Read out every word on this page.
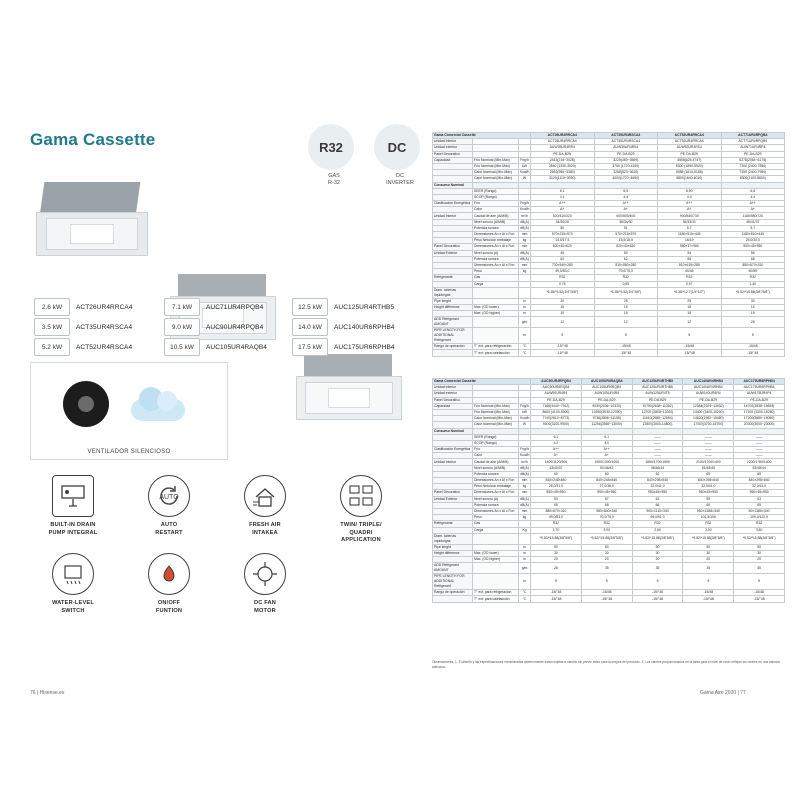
Gama Cassette	R32
GAS
R-32
DC
DC
INVERTER
2.6 kW	ACT26UR4RRCA4
3.5 kW	ACT35UR4RSCA4
5.2 kW	ACT52UR4RSCA4
7.1 kW	AUC71UR4RPQB4
9.0 kW	AUC90UR4RPQB4
10.5 kW	AUC105UR4RAQB4
12.5 kW	AUC125UR4RTHB5
14.0 kW	AUC140UR6RPHB4
17.5 kW	AUC175UR6RPHB4
VENTILADOR SILENCIOSO
BUILT-IN DRAIN
PUMP INTEGRAL
AUTO
AUTO
RESTART
FRESH AIR
INTAKEA
TWIN/ TRIPLE/
QUADRI
APPLICATION
WATER-LEVEL
SWITCH
ON/OFF
FUNTION
DC FAN
MOTOR
Gama Comercial Cassette			ACT26UR4RRCA4	ACT35UR4RSCA4	ACT52UR4RRCA4	ACT71UR4RPQB4
Unidad interior			ACT26UR4RRCA4	ACT35UR4RSCA4	ACT52UR4RRCA4	ACT71UR4RPQB4
Unidad exterior			AUW35UR4RR4	AUW35UR4RS4	AUW52UR4RS4	AUW71UR4RP4
Panel Decorativo			PE-DA-B2N	PE-DA-B29	PE-DA-B29	PE-DA-B29
Capacidad	Frío Nominal (Mín-Máx)	Frig/h	2443(744~3028)	3225(480~3569)	4558(625-4747)	6278(2064~6175)
	Frío Nominal (Mín-Máx)	kW	2840 (1330-3520)	3750 (1720-4150)	5300 (1890-5520)	7300 (2400-7850)
	Calor Nominal (Mín-Máx)	Kcal/h	2692(955~3380)	3268(523~3610)	4988 (1610-5168)	7390 (2400-7950)
	Calor Nominal (Mín-Máx)	W	3120(1110~3930)	4000(1770~4650)	5800(1640-6010)	8300(2100-8800)
Consumo Nominal						
	SEER (Rango)		6,1	6,9	6,90	6,6
	SCOP (Rango)		4,1	4,4	4,4	4,4
Clasificación Energética	Frío	Frig/h	A++	A++	A++	A++
	Calor	Kcal/h	A+	A+	A+	A+
Unidad Interior	Caudal de aire (A/M/B)	m³/h	520/410/320	600/500/400	900/840/730	1180/980/720
	Nivel sonoro (A/M/B)	dB(A)	34/30/26	38/34/30	35/33/31	45/41/37
	Potencia sonora	dB(A)	50	51	5,7	5,7
	Dimensiones An x Al x Fon	mm	570×215×570	570×215×570	1180×510×445	1180×510×445
	Peso Neto/con embalaje	kg	14,5/17,5	15,5/18,5	16/19	25,0/30,0
Panel Decorativo	Dimensiones An x Al x Fon	mm	620×40×620	620×40×620	950×37×950	950×45×950
Unidad Exterior	Nivel sonoro (A)	dB(A)	48	50	54	56
	Potencia sonora	dB(A)	60	62	65	68
	Dimensiones An x Al x Fon	mm	730×540×280	810×580×280	810×615×280	880×670×310
	Peso	kg	49,0/53,0	70,0/75,0	40/45	50/55
Refrigerante	Gas		R32	R32	R32	R32
	Carga		0,75	0,85	0,97	1,40
Diam. tuberías líquido/gas			*6.35/*9.52(1/4"/3/8")	*6.35/*9.52(1/4"3/8")	*6.35/*12.7(1/4"1/2")	*9.52/*15.88(3/8"/5/8")
Pipe lenght		m	20	25	25	30
Height difference	Max. (OD lower)	m	15	15	15	15
	Max. (OD higher)	m	10	15	15	15
ADD Refrigerant AMOUNT		g/m	12	12	12	28
PIPE LENGTH FOR ADDITIONAL Refrigerant		m	5	5	5	5
Rango de operación	T° ext. para refrigeración	°C	-15/°48	-15/48	-15/48	-15/48
	T° ext. para calefacción	°C	-15/°48	-15/°48	-15/°48	-15/°48
Gama Comercial Cassette			AUC90UR4RPQB4	AUC105UR4RAQB4	AUC125UR4RTHB5	AUC140UR4RHB4	AUC175UR6RPHB4
Unidad interior			AUC90UR4RQB4	AUC105UR4RQB4	AUC125UR4RTHB5	AUC140UR4RHB4	AUC175UR6RPHB4
Unidad exterior			AUW90UR4R4	AUW105UR4R4	AUW125UR4T5	AUW140UR4R4	AUW175UR4P4
Panel Decorativo			PE-DA-B29	PE-DA-B29	PE-DA-B29	PE-DA-B29	PE-DA-B29
Capacidad	Frío Nominal (Mín-Máx)	Frig/h	7168(3440~7912)	9030(2036~10320)	10750(2638~11352)	12384(2924~13032)	14702(2838~15693)
	Frío Nominal (Mín-Máx)	kW	8600 (4100-9200)	10930(3030-12390)	12700 (2808~13200)	14400 (3400-16200)	17100 (3300-18250)
	Calor Nominal (Mín-Máx)	Kcal/h	7740(2610~8773)	9736(2856~11195)	11610(2580~12554)	14620(1982~15480)	17200(3580~19060)
	Calor Nominal (Mín-Máx)	W	9000(3100-9900)	11256(3555~13000)	13500(3000-14800)	17000(3700-18700)	20000(3000~23000)
Consumo Nominal							
	SEER (Rango)		6,1	6,1	——	——	——
	SCOP (Rango)		4,2	4,0	——	——	——
Clasificación Energética	Frío	Frig/h	A++	A++	——	——	——
	Calor	Kcal/h	A+	A+	——	——	——
Unidad Interior	Caudal de aire (A/M/B)	m³/h	1400/1120/900	1900/1300/1000	1850/1700/1550	2100/1700/1400	2200/1780/1400
	Nivel sonoro (A/M/B)	dB(A)	43/40/37	50/46/43	48/46/44	51/48/45	53/48/44
	Potencia sonora	dB(A)	60	63	62	65	65
	Dimensiones An x Al x Fon	mm	840×248×840	840×248×840	840×298×840	840×298×840	840×298×840
	Peso Neto/con embalaje	kg	26,0/31,0	27,0/36,0	32,0/41,0	32,0/41,0	32,0/41,0
Panel Decorativo	Dimensiones An x Al x Fon	mm	950×45×950	950×45×950	950×45×950	950×45×950	950×45×950
Unidad Exterior	Nivel sonoro (A)	dB(A)	53	57	62	59	63
	Potencia sonora	dB(A)	65	68	66	69	69
	Dimensiones An x Al x Fon	mm	880×670×310	980×840×340	900×1110×340	950×1386×340	50×1386×340
	Peso	kg	49,0/53,0	70,0/75,0	65,0/91,0	101,5/106	109,0/122,0
Refrigerante	Gas		R32	R32	R32	R32	R32
	Carga	Kg	1,70	2,00	2,60	3,00	3,40
Diam. tuberías líquido/gas			*9.52/*15.88(3/8"5/8")	*9.52/*15.88(3/8"5/8")	*9.52/*15.88(3/8"5/8")	*9.52/*15.88(3/8"5/8")	*9.52/*15.88(3/8"5/8")
Pipe lenght		m	50	50	50	50	50
Height difference	Max. (OD lower)	m	30	30	30	30	30
	Max. (OD higher)	m	20	20	20	20	20
ADD Refrigerant AMOUNT		g/m	28	35	35	35	35
PIPE LENGTH FOR ADDITIONAL Refrigerant		m	5	5	5	5	5
Rango de operación	T° ext. para refrigeración	°C	-15/°48	-15/48	-15/°48	-15/48	-15/48
	T° ext. para calefacción	°C	-15/°48	-15/°48	-15/°48	-15/°48	-15/°48
Observaciones: 1. El diseño y las especificaciones mencionadas anteriormente están sujetas a cambio sin previo aviso para la mejora del producto. 2. Los valores proporcionados en la tabla para el nivel de ruido reflejan los niveles en una cámara anecoica.
76 | Hisense.es	Gama Aire 2020 | 77
